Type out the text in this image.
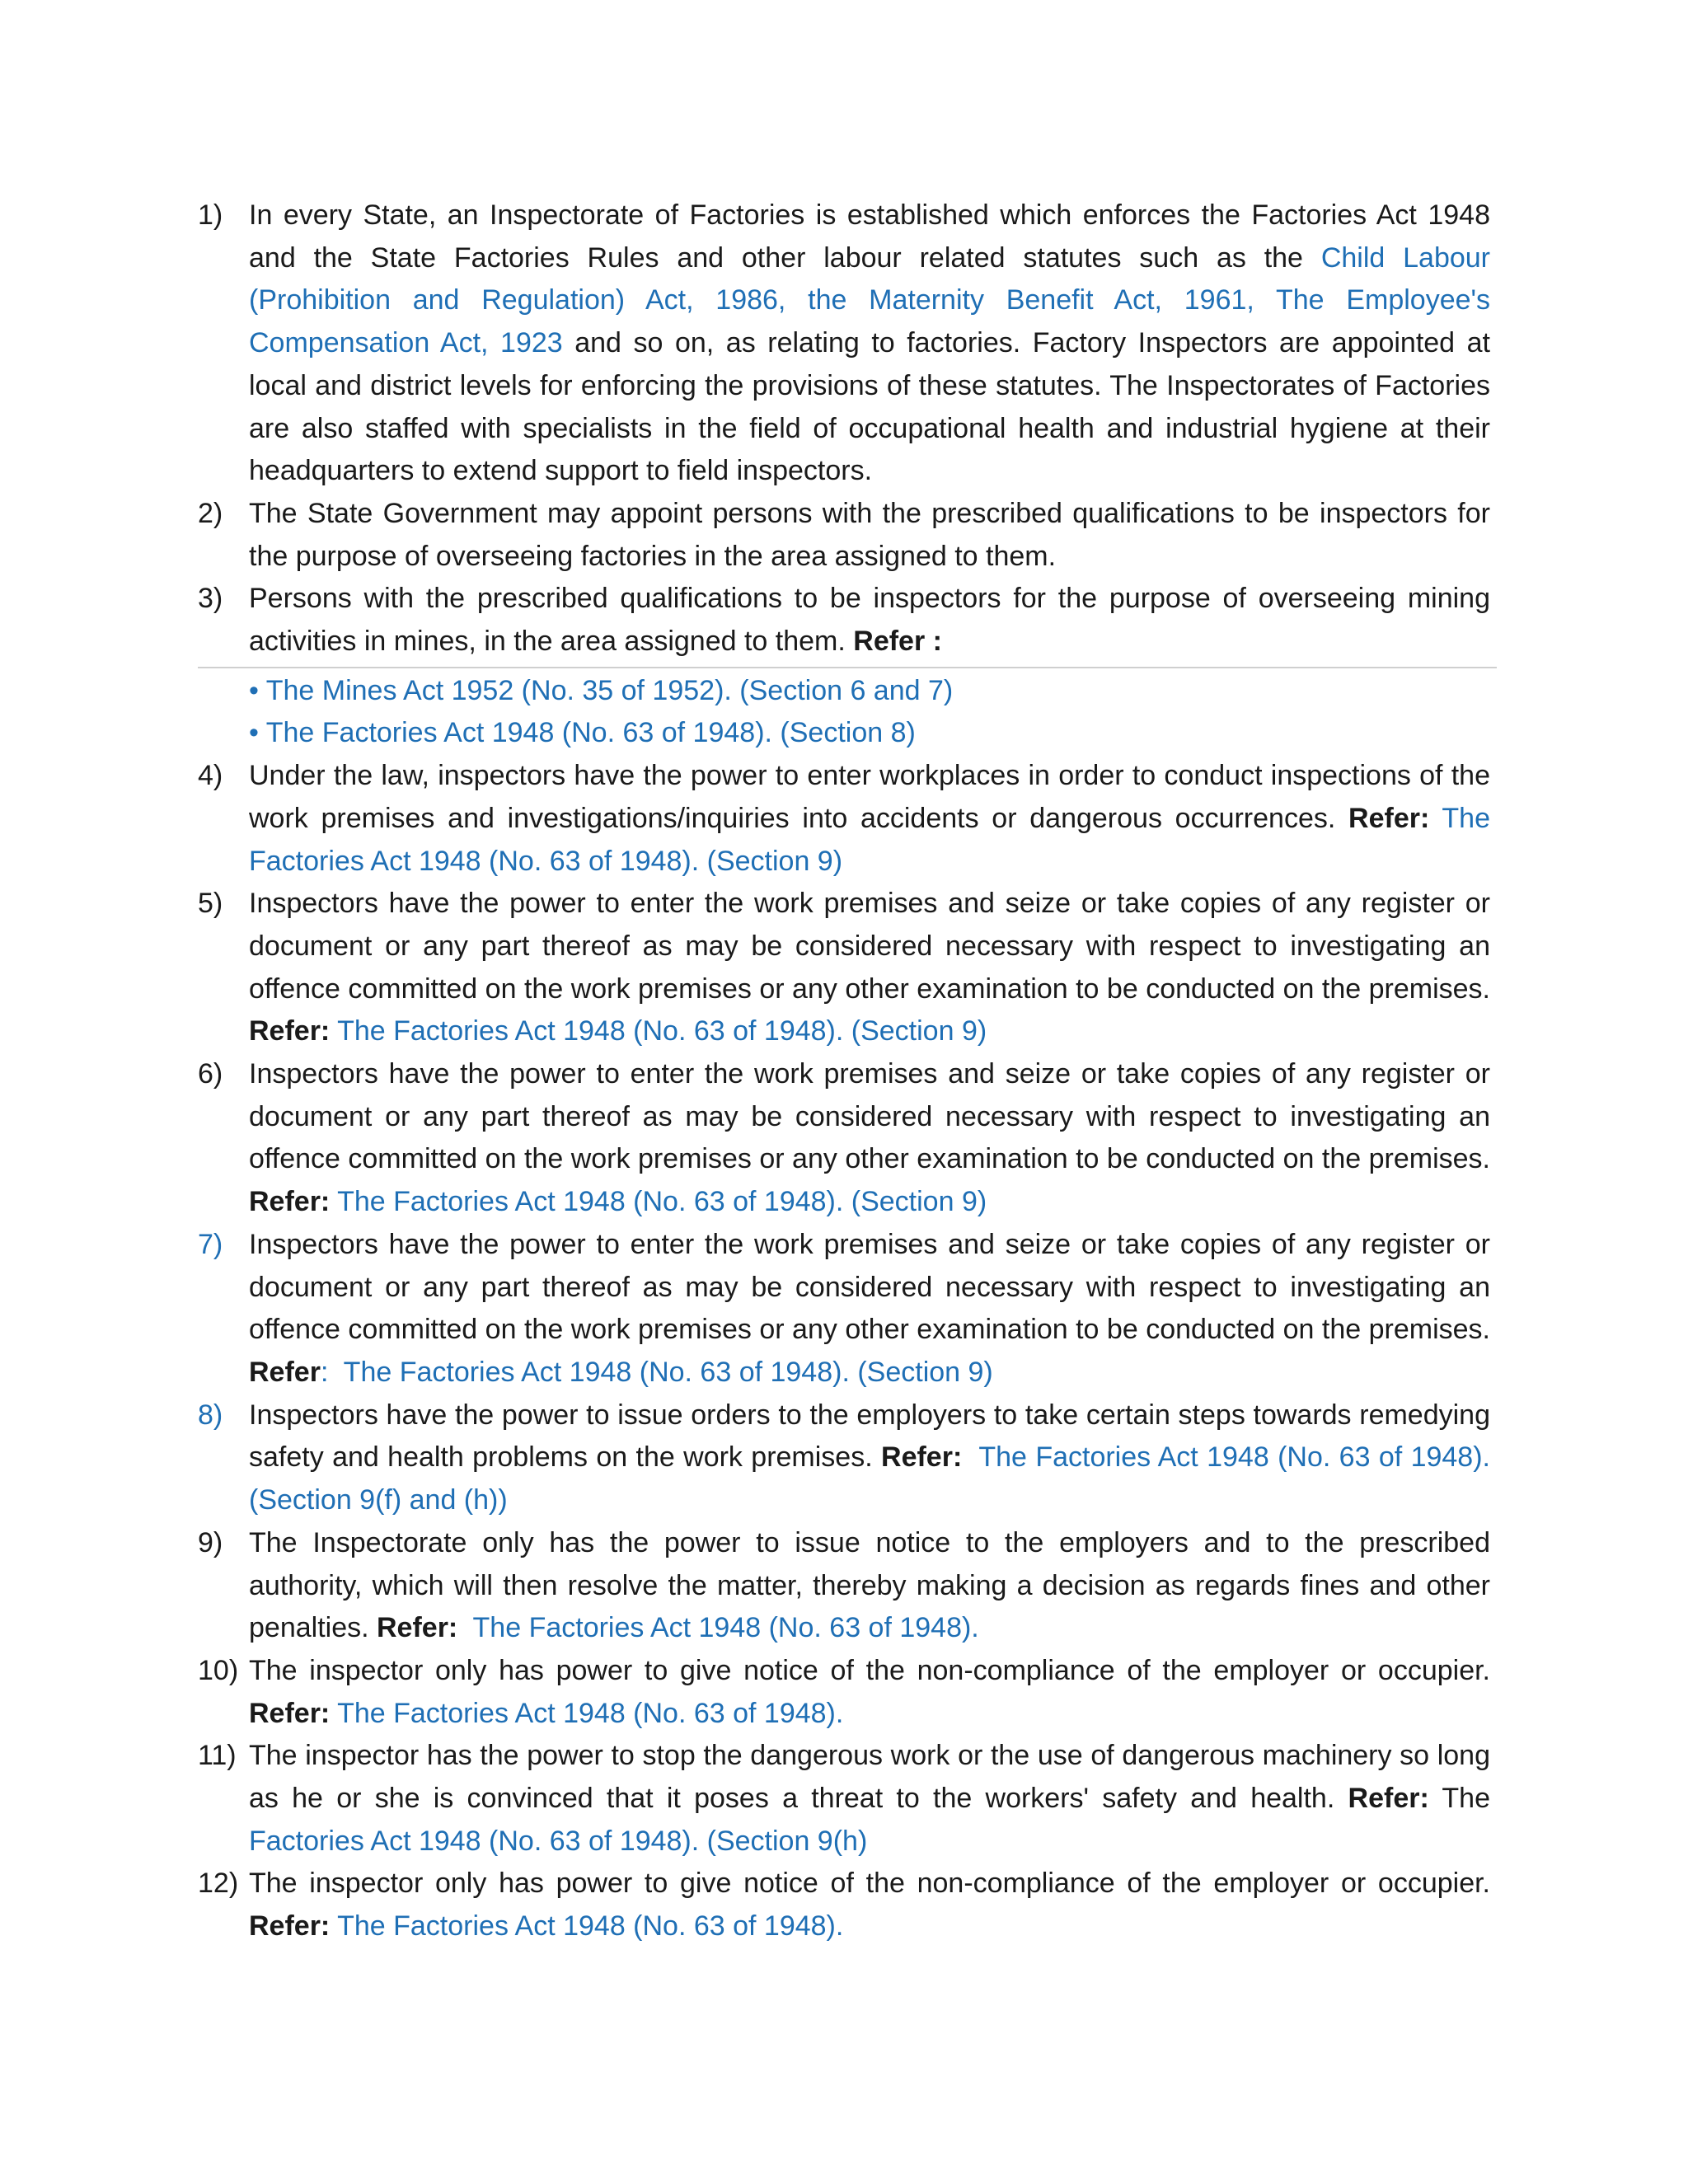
1) In every State, an Inspectorate of Factories is established which enforces the Factories Act 1948 and the State Factories Rules and other labour related statutes such as the Child Labour (Prohibition and Regulation) Act, 1986, the Maternity Benefit Act, 1961, The Employee's Compensation Act, 1923 and so on, as relating to factories. Factory Inspectors are appointed at local and district levels for enforcing the provisions of these statutes. The Inspectorates of Factories are also staffed with specialists in the field of occupational health and industrial hygiene at their headquarters to extend support to field inspectors.
2) The State Government may appoint persons with the prescribed qualifications to be inspectors for the purpose of overseeing factories in the area assigned to them.
3) Persons with the prescribed qualifications to be inspectors for the purpose of overseeing mining activities in mines, in the area assigned to them. Refer :
• The Mines Act 1952 (No. 35 of 1952). (Section 6 and 7)
• The Factories Act 1948 (No. 63 of 1948). (Section 8)
4) Under the law, inspectors have the power to enter workplaces in order to conduct inspections of the work premises and investigations/inquiries into accidents or dangerous occurrences. Refer: The Factories Act 1948 (No. 63 of 1948). (Section 9)
5) Inspectors have the power to enter the work premises and seize or take copies of any register or document or any part thereof as may be considered necessary with respect to investigating an offence committed on the work premises or any other examination to be conducted on the premises. Refer: The Factories Act 1948 (No. 63 of 1948). (Section 9)
6) Inspectors have the power to enter the work premises and seize or take copies of any register or document or any part thereof as may be considered necessary with respect to investigating an offence committed on the work premises or any other examination to be conducted on the premises. Refer: The Factories Act 1948 (No. 63 of 1948). (Section 9)
7) Inspectors have the power to enter the work premises and seize or take copies of any register or document or any part thereof as may be considered necessary with respect to investigating an offence committed on the work premises or any other examination to be conducted on the premises. Refer: The Factories Act 1948 (No. 63 of 1948). (Section 9)
8) Inspectors have the power to issue orders to the employers to take certain steps towards remedying safety and health problems on the work premises. Refer: The Factories Act 1948 (No. 63 of 1948). (Section 9(f) and (h))
9) The Inspectorate only has the power to issue notice to the employers and to the prescribed authority, which will then resolve the matter, thereby making a decision as regards fines and other penalties. Refer: The Factories Act 1948 (No. 63 of 1948).
10) The inspector only has power to give notice of the non-compliance of the employer or occupier. Refer: The Factories Act 1948 (No. 63 of 1948).
11) The inspector has the power to stop the dangerous work or the use of dangerous machinery so long as he or she is convinced that it poses a threat to the workers' safety and health. Refer: The Factories Act 1948 (No. 63 of 1948). (Section 9(h)
12) The inspector only has power to give notice of the non-compliance of the employer or occupier. Refer: The Factories Act 1948 (No. 63 of 1948).
